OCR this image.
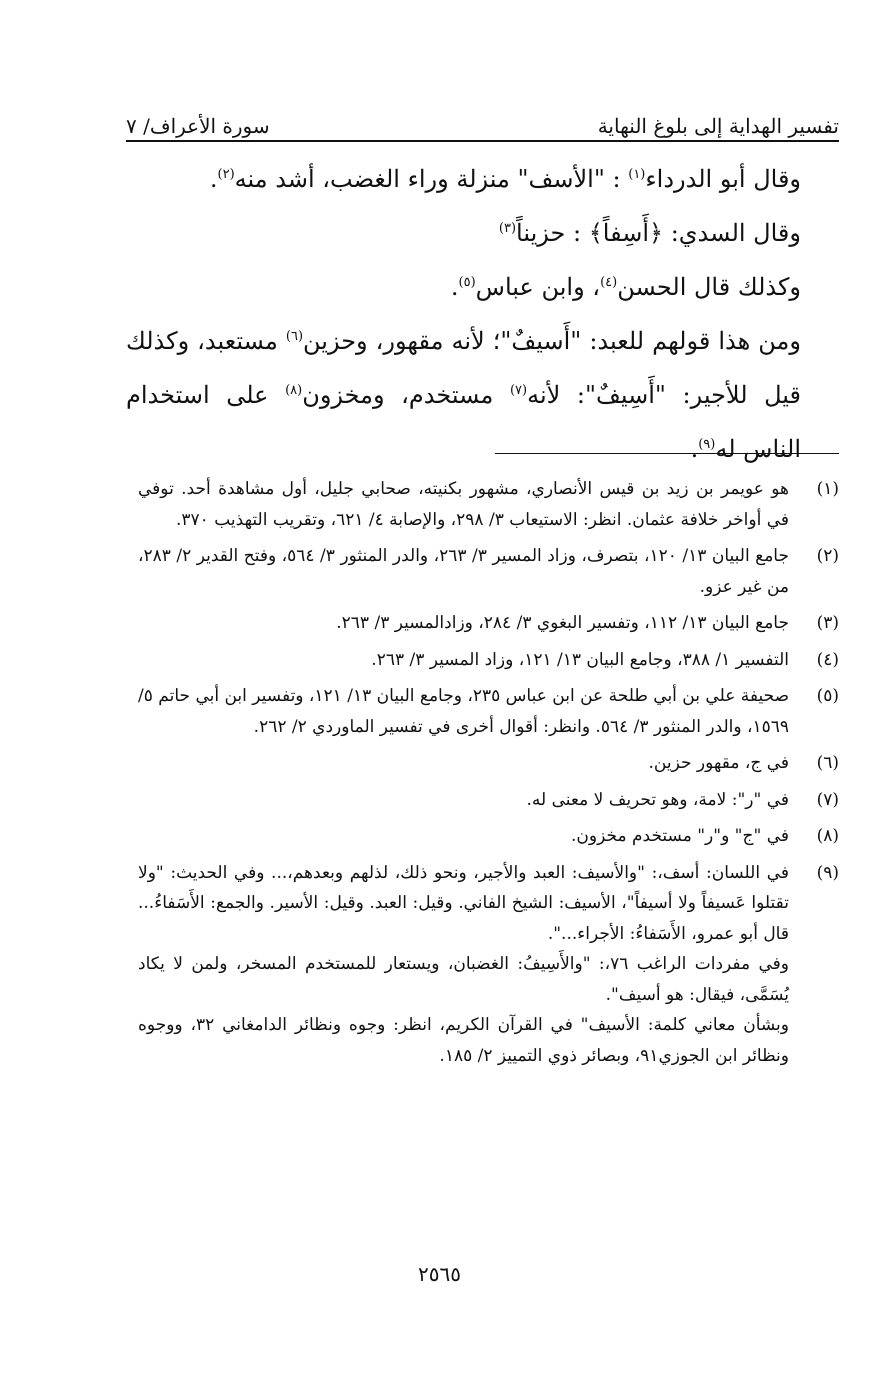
تفسير الهداية إلى بلوغ النهاية
سورة الأعراف/ ٧

وقال أبو الدرداء$^{(١)}$ : "الأسف" منزلة وراء الغضب، أشد منه$^{(٢)}$.

وقال السدي: ﴿أَسِفاً﴾ : حزيناً$^{(٣)}$

وكذلك قال الحسن$^{(٤)}$، وابن عباس$^{(٥)}$.

ومن هذا قولهم للعبد: "أَسيفٌ"؛ لأنه مقهور، وحزين$^{(٦)}$ مستعبد، وكذلك قيل للأجير: "أَسِيفٌ": لأنه$^{(٧)}$ مستخدم، ومخزون$^{(٨)}$ على استخدام الناس له$^{(٩)}$.

(١)
هو عويمر بن زيد بن قيس الأنصاري، مشهور بكنيته، صحابي جليل، أول مشاهدة أحد. توفي في أواخر خلافة عثمان. انظر: الاستيعاب ٣/ ٢٩٨، والإصابة ٤/ ٦٢١، وتقريب التهذيب ٣٧٠.
(٢)
جامع البيان ١٣/ ١٢٠، بتصرف، وزاد المسير ٣/ ٢٦٣، والدر المنثور ٣/ ٥٦٤، وفتح القدير ٢/ ٢٨٣، من غير عزو.
(٣)
جامع البيان ١٣/ ١١٢، وتفسير البغوي ٣/ ٢٨٤، وزادالمسير ٣/ ٢٦٣.
(٤)
التفسير ١/ ٣٨٨، وجامع البيان ١٣/ ١٢١، وزاد المسير ٣/ ٢٦٣.
(٥)
صحيفة علي بن أبي طلحة عن ابن عباس ٢٣٥، وجامع البيان ١٣/ ١٢١، وتفسير ابن أبي حاتم ٥/ ١٥٦٩، والدر المنثور ٣/ ٥٦٤. وانظر: أقوال أخرى في تفسير الماوردي ٢/ ٢٦٢.
(٦)
في ج، مقهور حزين.
(٧)
في "ر": لامة، وهو تحريف لا معنى له.
(٨)
في "ج" و"ر" مستخدم مخزون.
(٩)

في اللسان: أسف،: "والأسيف: العبد والأجير، ونحو ذلك، لذلهم وبعدهم،... وفي الحديث: "ولا تقتلوا عَسيفاً ولا أسيفاً"، الأسيف: الشيخ الفاني. وقيل: العبد. وقيل: الأسير. والجمع: الأَسَفاءُ... قال أبو عمرو، الأَسَفاءُ: الأجراء...".

وفي مفردات الراغب ٧٦،: "والأَسِيفُ: الغضبان، ويستعار للمستخدم المسخر، ولمن لا يكاد يُسَمَّى، فيقال: هو أسيف".

وبشأن معاني كلمة: الأسيف" في القرآن الكريم، انظر: وجوه ونظائر الدامغاني ٣٢، ووجوه ونظائر ابن الجوزي٩١، وبصائر ذوي التمييز ٢/ ١٨٥.

٢٥٦٥
